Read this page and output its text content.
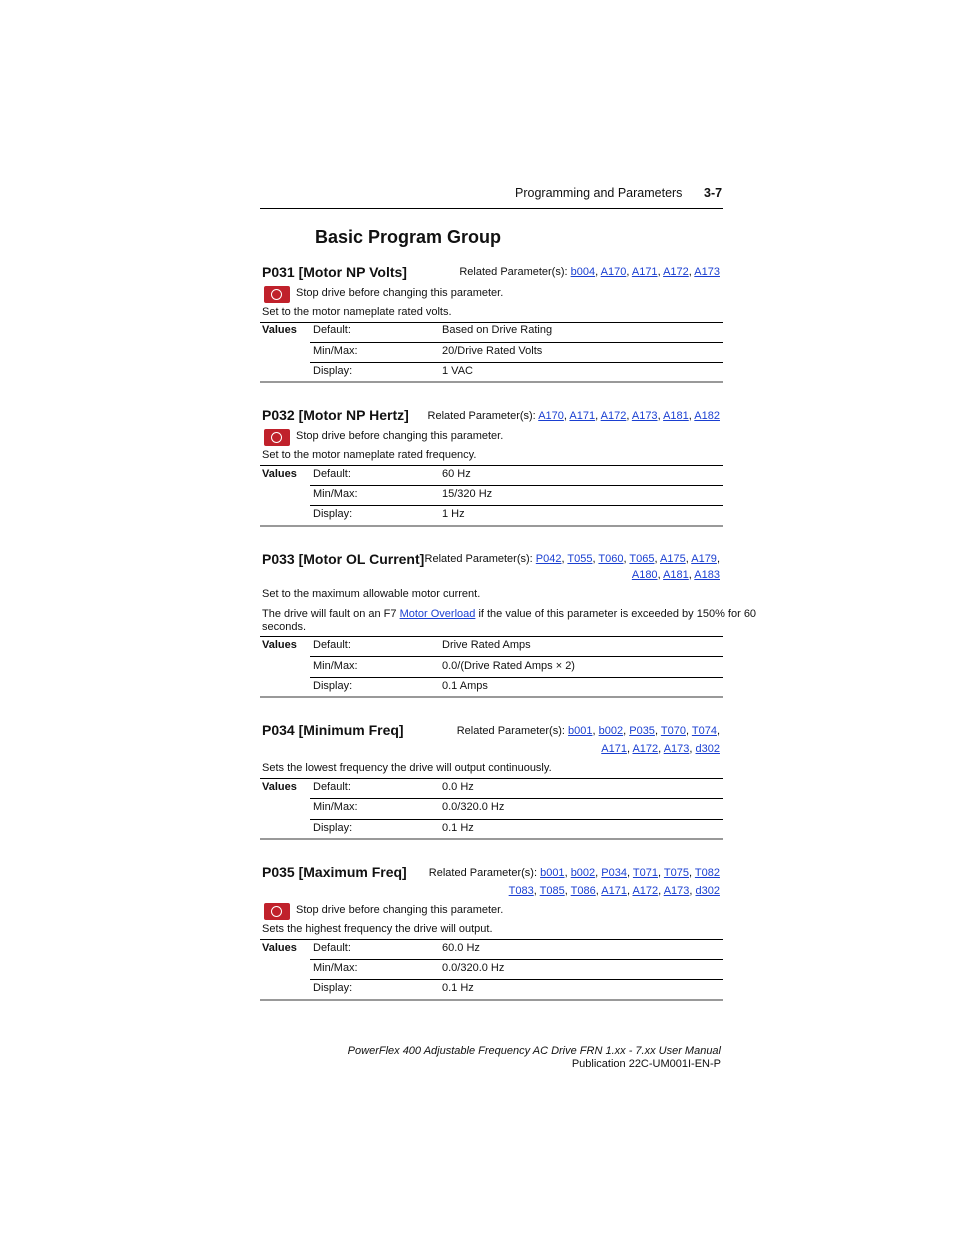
Programming and Parameters 3-7
Basic Program Group
P031 [Motor NP Volts]	Related Parameter(s): b004, A170, A171, A172, A173
Stop drive before changing this parameter.
Set to the motor nameplate rated volts.
Values Default:	Based on Drive Rating
Min/Max:	20/Drive Rated Volts
Display:	1 VAC
P032 [Motor NP Hertz]	Related Parameter(s): A170, A171, A172, A173, A181, A182
Stop drive before changing this parameter.
Set to the motor nameplate rated frequency.
Values Default:	60 Hz
Min/Max:	15/320 Hz
Display:	1 Hz
P033 [Motor OL Current] Related Parameter(s): P042, T055, T060, T065, A175, A179,
A180, A181, A183
Set to the maximum allowable motor current.
The drive will fault on an F7 Motor Overload if the value of this parameter is exceeded by 150% for 60
seconds.
Values Default:	Drive Rated Amps
Min/Max:	0.0/(Drive Rated Amps × 2)
Display:	0.1 Amps
P034 [Minimum Freq]	Related Parameter(s): b001, b002, P035, T070, T074,
A171, A172, A173, d302
Sets the lowest frequency the drive will output continuously.
Values Default:	0.0 Hz
Min/Max:	0.0/320.0 Hz
Display:	0.1 Hz
P035 [Maximum Freq]	Related Parameter(s): b001, b002, P034, T071, T075, T082
T083, T085, T086, A171, A172, A173, d302
Stop drive before changing this parameter.
Sets the highest frequency the drive will output.
Values Default:	60.0 Hz
Min/Max:	0.0/320.0 Hz
Display:	0.1 Hz
PowerFlex 400 Adjustable Frequency AC Drive FRN 1.xx - 7.xx User Manual
Publication 22C-UM001I-EN-P
